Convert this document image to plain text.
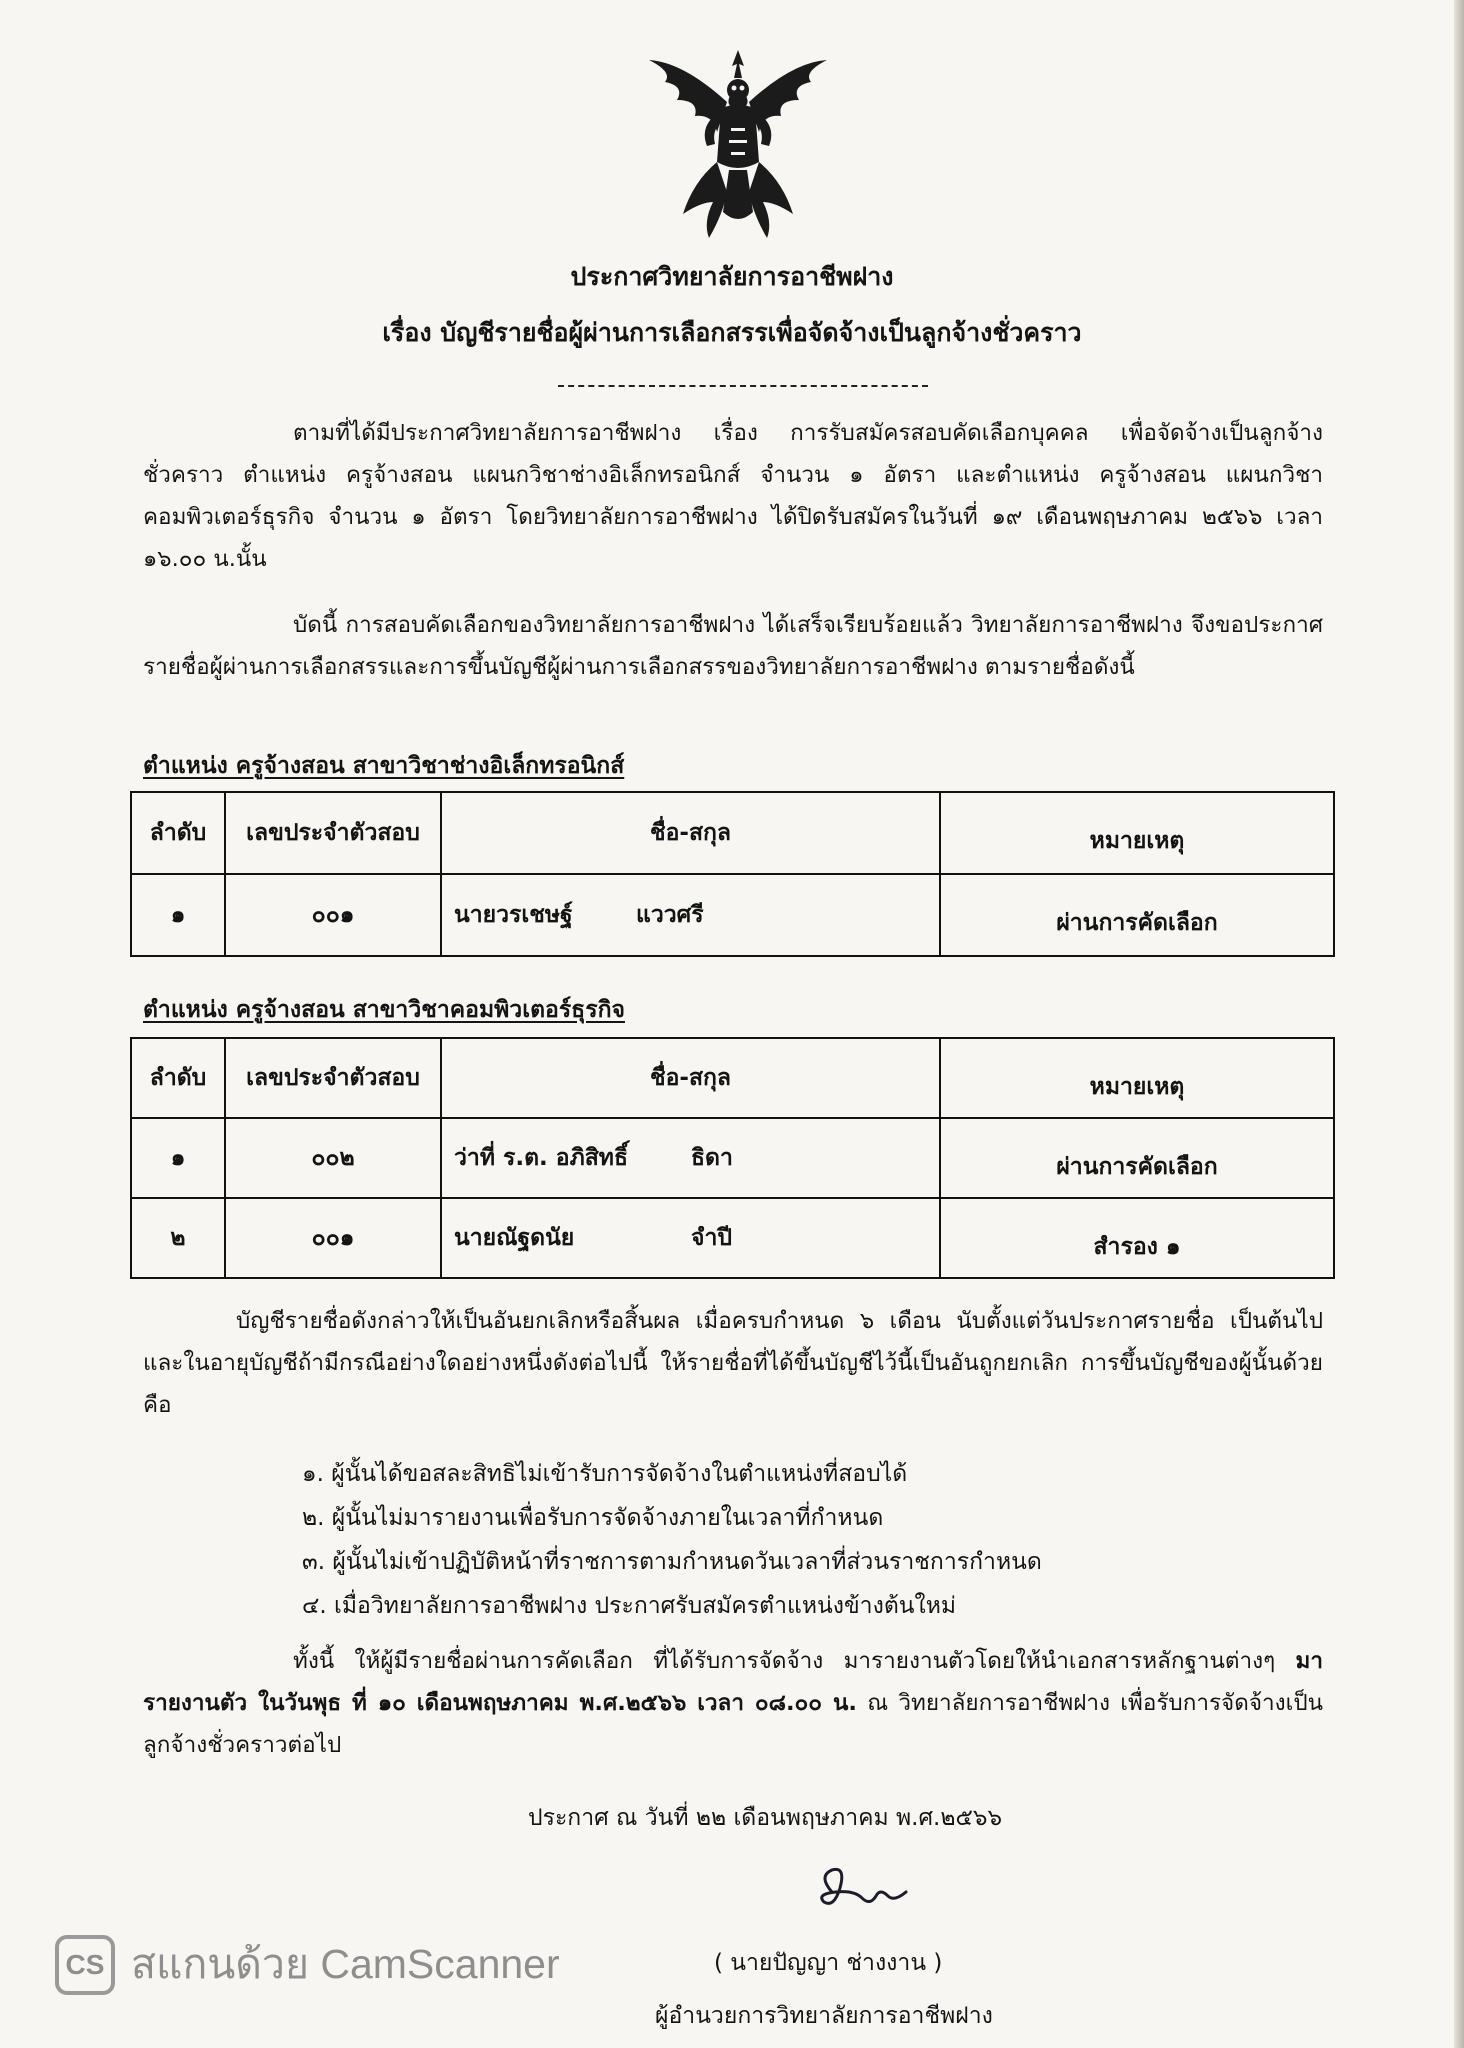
ประกาศวิทยาลัยการอาชีพฝาง
เรื่อง บัญชีรายชื่อผู้ผ่านการเลือกสรรเพื่อจัดจ้างเป็นลูกจ้างชั่วคราว

ตามที่ได้มีประกาศวิทยาลัยการอาชีพฝาง เรื่อง การรับสมัครสอบคัดเลือกบุคคล เพื่อจัดจ้างเป็นลูกจ้างชั่วคราว ตำแหน่ง ครูจ้างสอน แผนกวิชาช่างอิเล็กทรอนิกส์ จำนวน ๑ อัตรา และตำแหน่ง ครูจ้างสอน แผนกวิชาคอมพิวเตอร์ธุรกิจ จำนวน ๑ อัตรา โดยวิทยาลัยการอาชีพฝาง ได้ปิดรับสมัครในวันที่ ๑๙ เดือนพฤษภาคม ๒๕๖๖ เวลา ๑๖.๐๐ น.นั้น

บัดนี้ การสอบคัดเลือกของวิทยาลัยการอาชีพฝาง ได้เสร็จเรียบร้อยแล้ว วิทยาลัยการอาชีพฝาง จึงขอประกาศรายชื่อผู้ผ่านการเลือกสรรและการขึ้นบัญชีผู้ผ่านการเลือกสรรของวิทยาลัยการอาชีพฝาง ตามรายชื่อดังนี้

ตำแหน่ง ครูจ้างสอน สาขาวิชาช่างอิเล็กทรอนิกส์
ลำดับ	เลขประจำตัวสอบ	ชื่อ-สกุล	หมายเหตุ
๑	๐๐๑	นายวรเชษฐ์ แววศรี	ผ่านการคัดเลือก
ตำแหน่ง ครูจ้างสอน สาขาวิชาคอมพิวเตอร์ธุรกิจ
ลำดับ	เลขประจำตัวสอบ	ชื่อ-สกุล	หมายเหตุ
๑	๐๐๒	ว่าที่ ร.ต. อภิสิทธิ์ ธิดา	ผ่านการคัดเลือก
๒	๐๐๑	นายณัฐดนัย จำปี	สำรอง ๑

บัญชีรายชื่อดังกล่าวให้เป็นอันยกเลิกหรือสิ้นผล เมื่อครบกำหนด ๖ เดือน นับตั้งแต่วันประกาศรายชื่อ เป็นต้นไป และในอายุบัญชีถ้ามีกรณีอย่างใดอย่างหนึ่งดังต่อไปนี้ ให้รายชื่อที่ได้ขึ้นบัญชีไว้นี้เป็นอันถูกยกเลิก การขึ้นบัญชีของผู้นั้นด้วยคือ

๑. ผู้นั้นได้ขอสละสิทธิไม่เข้ารับการจัดจ้างในตำแหน่งที่สอบได้
๒. ผู้นั้นไม่มารายงานเพื่อรับการจัดจ้างภายในเวลาที่กำหนด
๓. ผู้นั้นไม่เข้าปฏิบัติหน้าที่ราชการตามกำหนดวันเวลาที่ส่วนราชการกำหนด
๔. เมื่อวิทยาลัยการอาชีพฝาง ประกาศรับสมัครตำแหน่งข้างต้นใหม่

ทั้งนี้ ให้ผู้มีรายชื่อผ่านการคัดเลือก ที่ได้รับการจัดจ้าง มารายงานตัวโดยให้นำเอกสารหลักฐานต่างๆ มารายงานตัว ในวันพุธ ที่ ๑๐ เดือนพฤษภาคม พ.ศ.๒๕๖๖ เวลา ๐๘.๐๐ น. ณ วิทยาลัยการอาชีพฝาง เพื่อรับการจัดจ้างเป็นลูกจ้างชั่วคราวต่อไป

ประกาศ ณ วันที่ ๒๒ เดือนพฤษภาคม พ.ศ.๒๕๖๖
( นายปัญญา ช่างงาน )
ผู้อำนวยการวิทยาลัยการอาชีพฝาง
CS สแกนด้วย CamScanner
